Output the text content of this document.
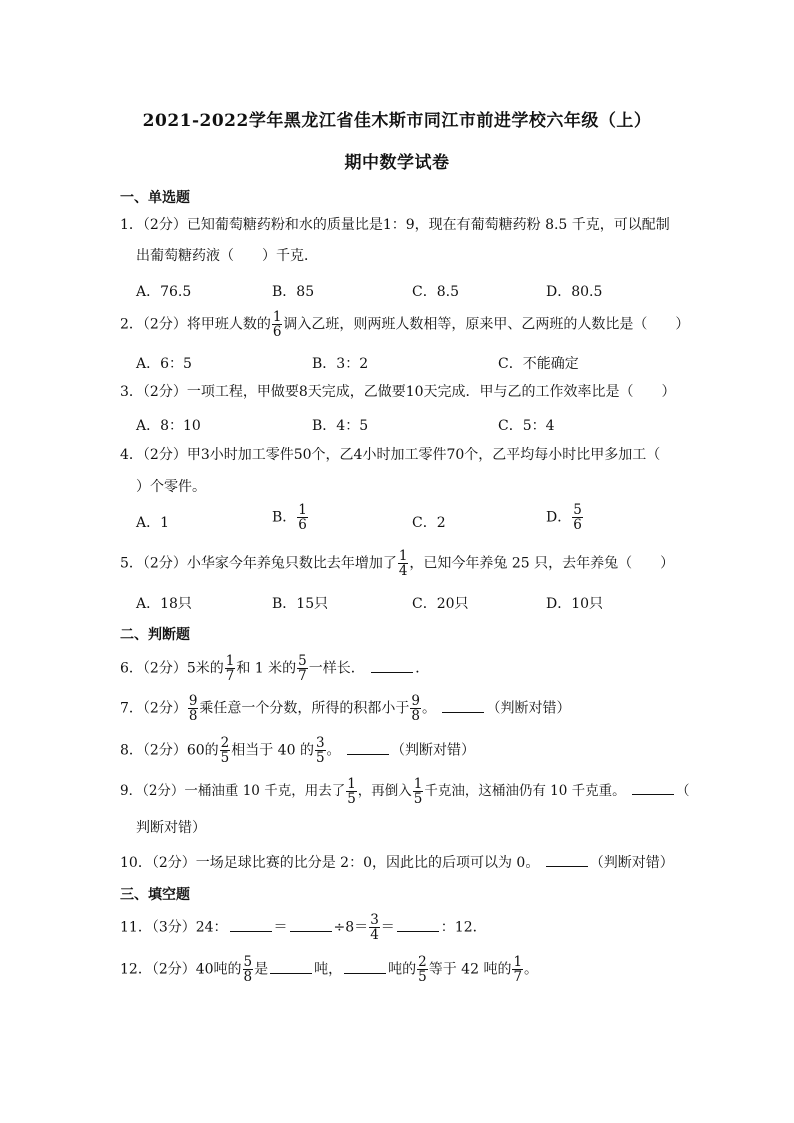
2021-2022学年黑龙江省佳木斯市同江市前进学校六年级（上）
期中数学试卷
一、单选题
1．（2分）已知葡萄糖药粉和水的质量比是1：9，现在有葡萄糖药粉 8.5 千克，可以配制
出葡萄糖药液（　　）千克．
A．76.5	B．85	C．8.5	D．80.5
2．（2分）将甲班人数的 $\frac{1}{6}$ 调入乙班，则两班人数相等，原来甲、乙两班的人数比是（　　）
A．6：5	B．3：2	C．不能确定
3．（2分）一项工程，甲做要8天完成，乙做要10天完成．甲与乙的工作效率比是（　　）
A．8：10	B．4：5	C．5：4
4．（2分）甲3小时加工零件50个，乙4小时加工零件70个，乙平均每小时比甲多加工（
）个零件。
A．1	B． $\frac{1}{6}$	C．2	D． $\frac{5}{6}$
5．（2分）小华家今年养兔只数比去年增加了 $\frac{1}{4}$ ，已知今年养兔 25 只，去年养兔（　　）
A．18只	B．15只	C．20只	D．10只
二、判断题
6．（2分）5米的 $\frac{1}{7}$ 和 1 米的 $\frac{5}{7}$ 一样长．	．
7．（2分） $\frac{9}{8}$ 乘任意一个分数，所得的积都小于 $\frac{9}{8}$ 。	（判断对错）
8．（2分）60的 $\frac{2}{5}$ 相当于 40 的 $\frac{3}{5}$ 。	（判断对错）
9．（2分）一桶油重 10 千克，用去了 $\frac{1}{5}$ ，再倒入 $\frac{1}{5}$ 千克油，这桶油仍有 10 千克重。	（
判断对错）
10．（2分）一场足球比赛的比分是 2：0，因此比的后项可以为 0。	（判断对错）
三、填空题
11．（3分）24：	＝	$\div 8= \frac{3}{4}$ ＝	：12．
12．（2分）40吨的 $\frac{5}{8}$ 是	吨，	吨的 $\frac{2}{5}$ 等于 42 吨的 $\frac{1}{7}$ 。
